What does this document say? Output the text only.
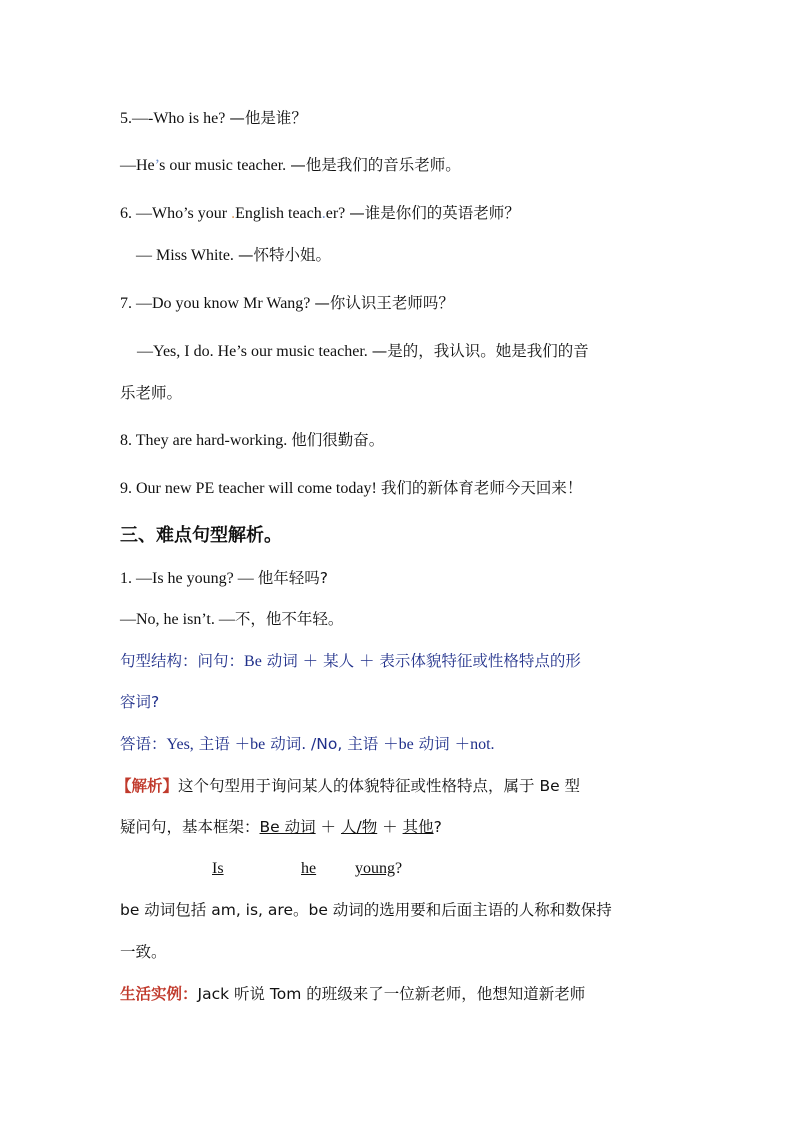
5.—-Who is he? —他是谁？
—He’s our music teacher. —他是我们的音乐老师。
6. —Who’s your .English teach.er? —谁是你们的英语老师？
— Miss White. —怀特小姐。
7. —Do you know Mr Wang? —你认识王老师吗？
—Yes, I do. He’s our music teacher. —是的，我认识。她是我们的音
乐老师。
8. They are hard-working. 他们很勤奋。
9. Our new PE teacher will come today! 我们的新体育老师今天回来！
三、难点句型解析。
1. —Is he young? — 他年轻吗?
—No, he isn’t. —不，他不年轻。
句型结构：问句：Be 动词 ＋ 某人 ＋ 表示体貌特征或性格特点的形
容词?
答语：Yes, 主语 ＋be 动词. /No, 主语 ＋be 动词 ＋not.
【解析】这个句型用于询问某人的体貌特征或性格特点，属于 Be 型
疑问句，基本框架：Be 动词 ＋ 人/物 ＋ 其他?
Is	he young?
be 动词包括 am, is, are。be 动词的选用要和后面主语的人称和数保持
一致。
生活实例：Jack 听说 Tom 的班级来了一位新老师，他想知道新老师
